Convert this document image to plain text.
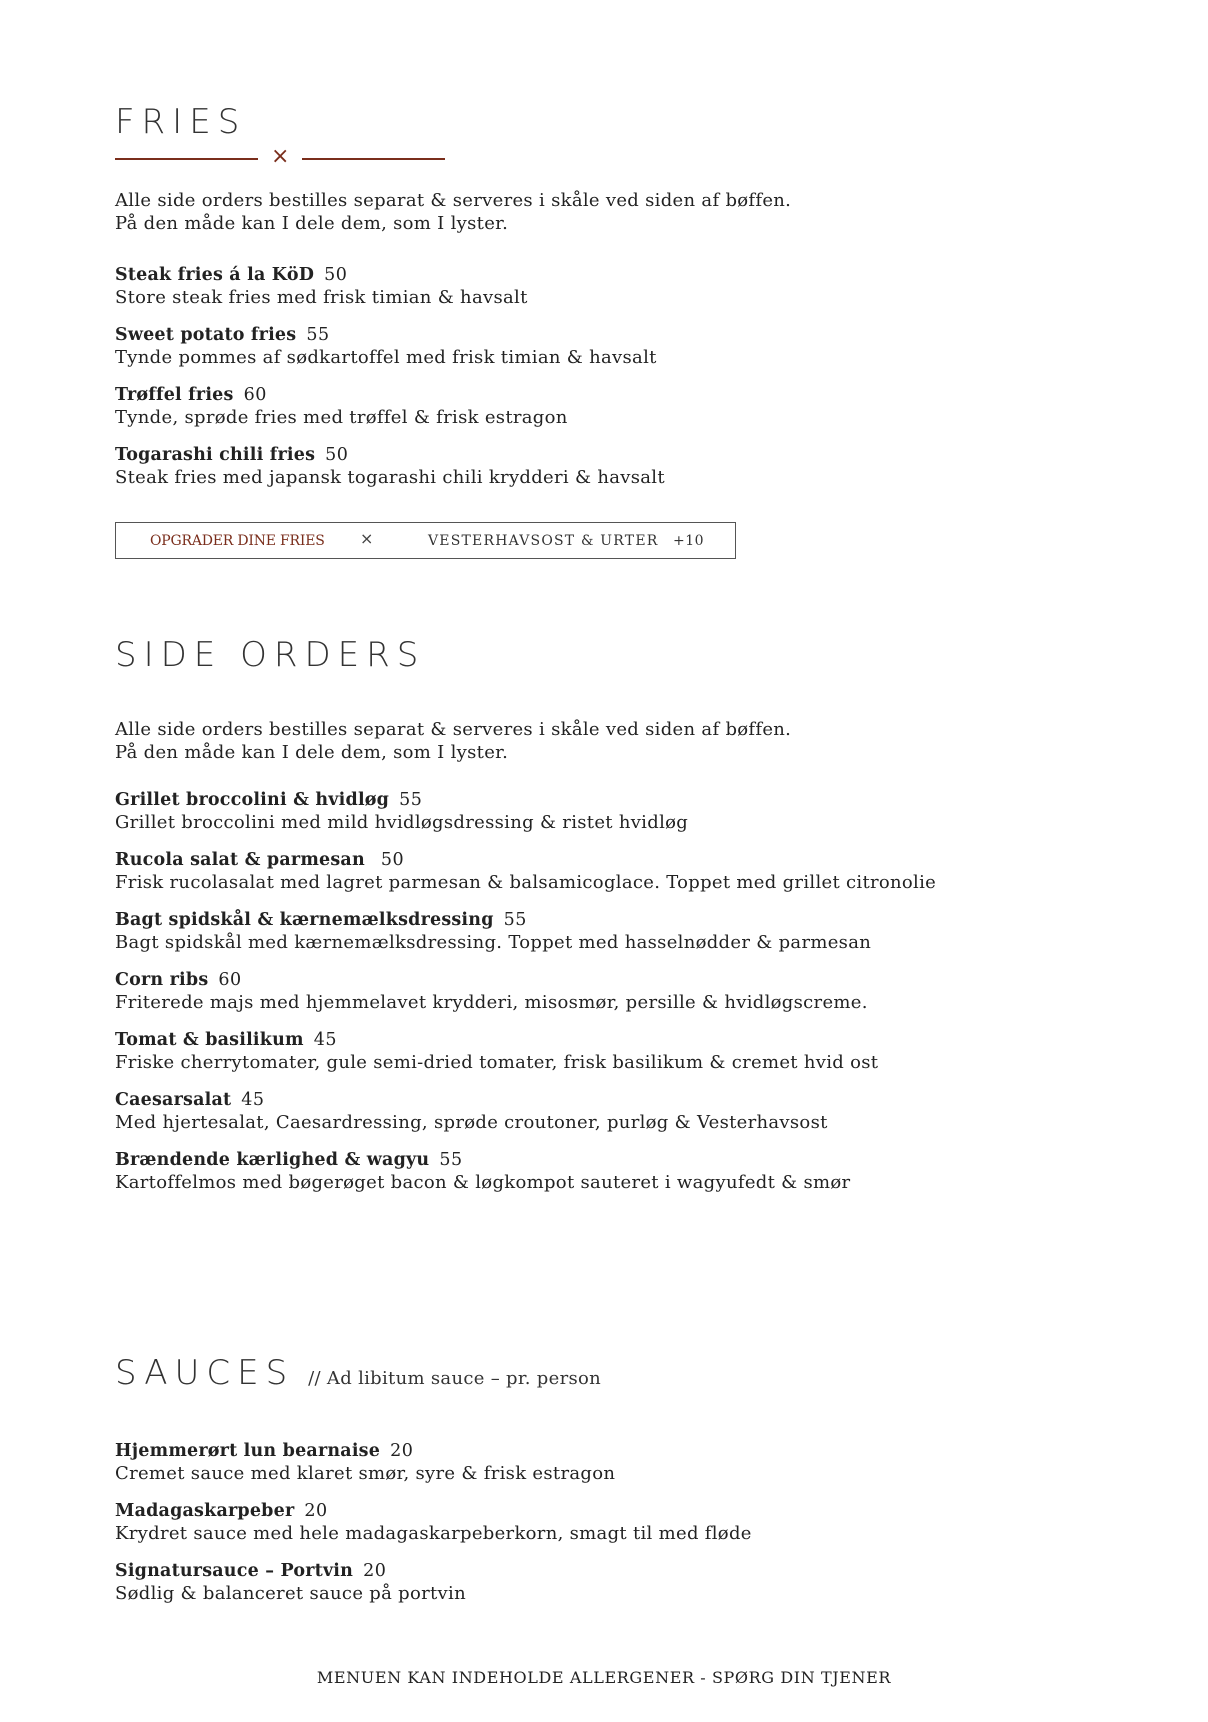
FRIES
×
Alle side orders bestilles separat & serveres i skåle ved siden af bøffen.
På den måde kan I dele dem, som I lyster.
Steak fries á la KöD 50
Store steak fries med frisk timian & havsalt
Sweet potato fries 55
Tynde pommes af sødkartoffel med frisk timian & havsalt
Trøffel fries 60
Tynde, sprøde fries med trøffel & frisk estragon
Togarashi chili fries 50
Steak fries med japansk togarashi chili krydderi & havsalt
OPGRADER DINE FRIES ×	VESTERHAVSOST & URTER +10
SIDE ORDERS
Alle side orders bestilles separat & serveres i skåle ved siden af bøffen.
På den måde kan I dele dem, som I lyster.
Grillet broccolini & hvidløg 55
Grillet broccolini med mild hvidløgsdressing & ristet hvidløg
Rucola salat & parmesan 50
Frisk rucolasalat med lagret parmesan & balsamicoglace. Toppet med grillet citronolie
Bagt spidskål & kærnemælksdressing 55
Bagt spidskål med kærnemælksdressing. Toppet med hasselnødder & parmesan
Corn ribs 60
Friterede majs med hjemmelavet krydderi, misosmør, persille & hvidløgscreme.
Tomat & basilikum 45
Friske cherrytomater, gule semi-dried tomater, frisk basilikum & cremet hvid ost
Caesarsalat 45
Med hjertesalat, Caesardressing, sprøde croutoner, purløg & Vesterhavsost
Brændende kærlighed & wagyu 55
Kartoffelmos med bøgerøget bacon & løgkompot sauteret i wagyufedt & smør
SAUCES // Ad libitum sauce – pr. person
Hjemmerørt lun bearnaise 20
Cremet sauce med klaret smør, syre & frisk estragon
Madagaskarpeber 20
Krydret sauce med hele madagaskarpeberkorn, smagt til med fløde
Signatursauce – Portvin 20
Sødlig & balanceret sauce på portvin
MENUEN KAN INDEHOLDE ALLERGENER - SPØRG DIN TJENER
